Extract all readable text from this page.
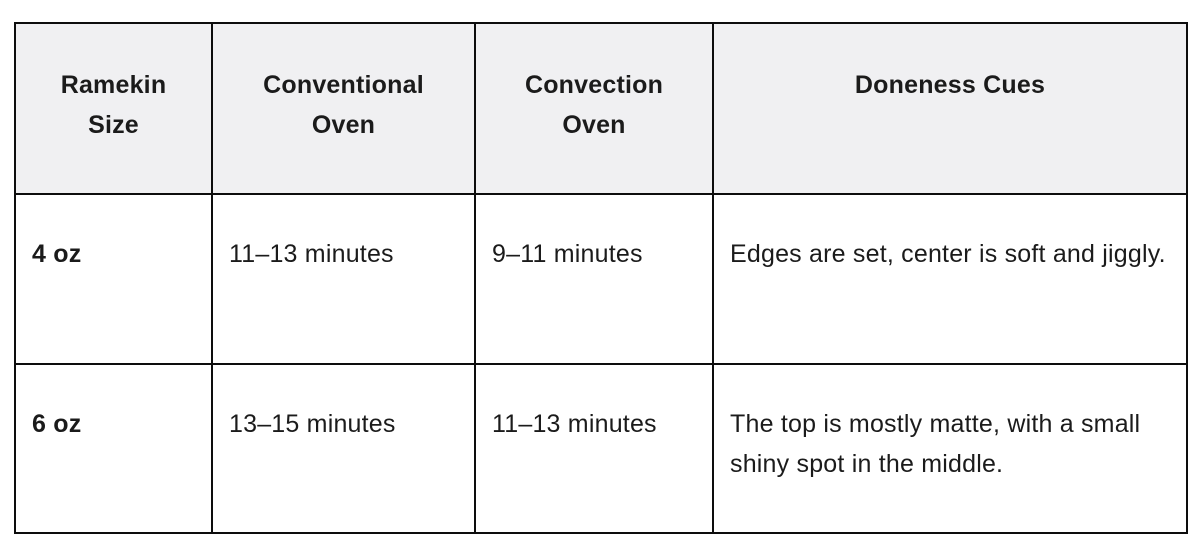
Ramekin Size	Conventional Oven	Convection Oven	Doneness Cues
4 oz	11–13 minutes	9–11 minutes	Edges are set, center is soft and jiggly.
6 oz	13–15 minutes	11–13 minutes	The top is mostly matte, with a small shiny spot in the middle.
